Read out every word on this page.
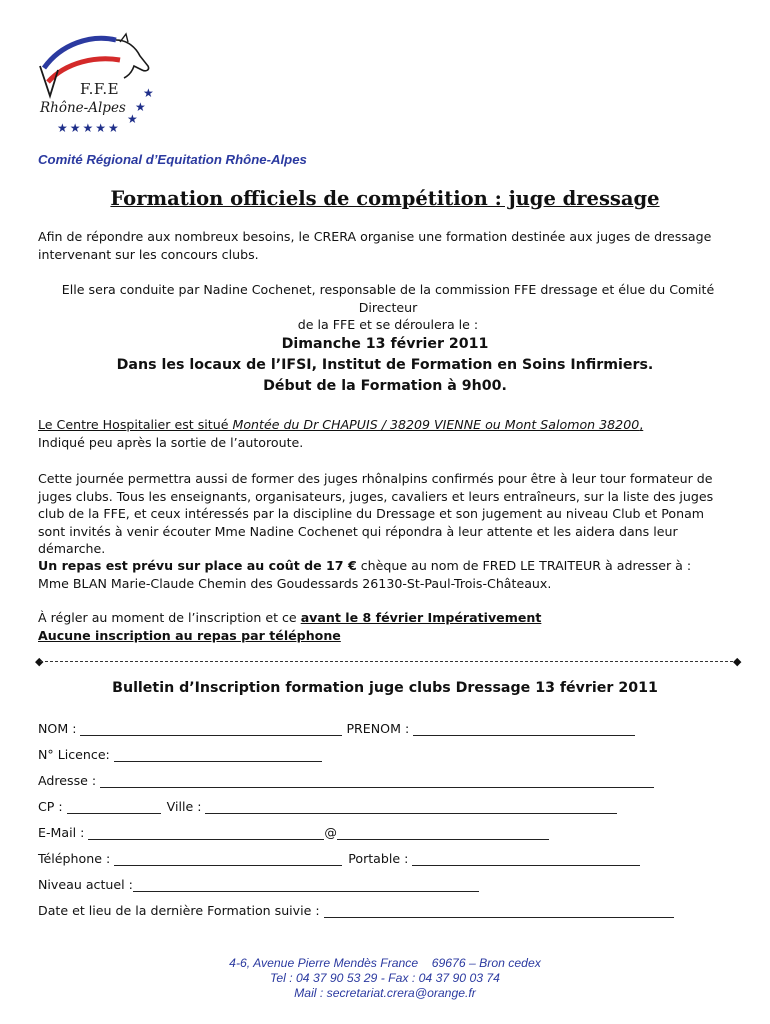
F.F.E
Rhône-Alpes
★★★★★
★
★
★
Comité Régional d’Equitation Rhône-Alpes
Formation officiels de compétition : juge dressage
Afin de répondre aux nombreux besoins, le CRERA organise une formation destinée aux juges de dressage intervenant sur les concours clubs.
Elle sera conduite par Nadine Cochenet, responsable de la commission FFE dressage et élue du Comité Directeur
de la FFE et se déroulera le :
Dimanche 13 février 2011
Dans les locaux de l’IFSI, Institut de Formation en Soins Infirmiers.
Début de la Formation à 9h00.
Le Centre Hospitalier est situé Montée du Dr CHAPUIS / 38209 VIENNE ou Mont Salomon 38200,
Indiqué peu après la sortie de l’autoroute.
Cette journée permettra aussi de former des juges rhônalpins confirmés pour être à leur tour formateur de juges clubs. Tous les enseignants, organisateurs, juges, cavaliers et leurs entraîneurs, sur la liste des juges club de la FFE, et ceux intéressés par la discipline du Dressage et son jugement au niveau Club et Ponam sont invités à venir écouter Mme Nadine Cochenet qui répondra à leur attente et les aidera dans leur démarche.
Un repas est prévu sur place au coût de 17 € chèque au nom de FRED LE TRAITEUR à adresser à :
Mme BLAN Marie-Claude Chemin des Goudessards 26130-St-Paul-Trois-Châteaux.
À régler au moment de l’inscription et ce avant le 8 février Impérativement
Aucune inscription au repas par téléphone
◆	◆
Bulletin d’Inscription formation juge clubs Dressage 13 février 2011
NOM :	PRENOM :
N° Licence:
Adresse :
CP :	Ville :
E-Mail :	@
Téléphone :	Portable :
Niveau actuel :
Date et lieu de la dernière Formation suivie :
4-6, Avenue Pierre Mendès France    69676 – Bron cedex
Tel : 04 37 90 53 29 - Fax : 04 37 90 03 74
Mail : secretariat.crera@orange.fr
